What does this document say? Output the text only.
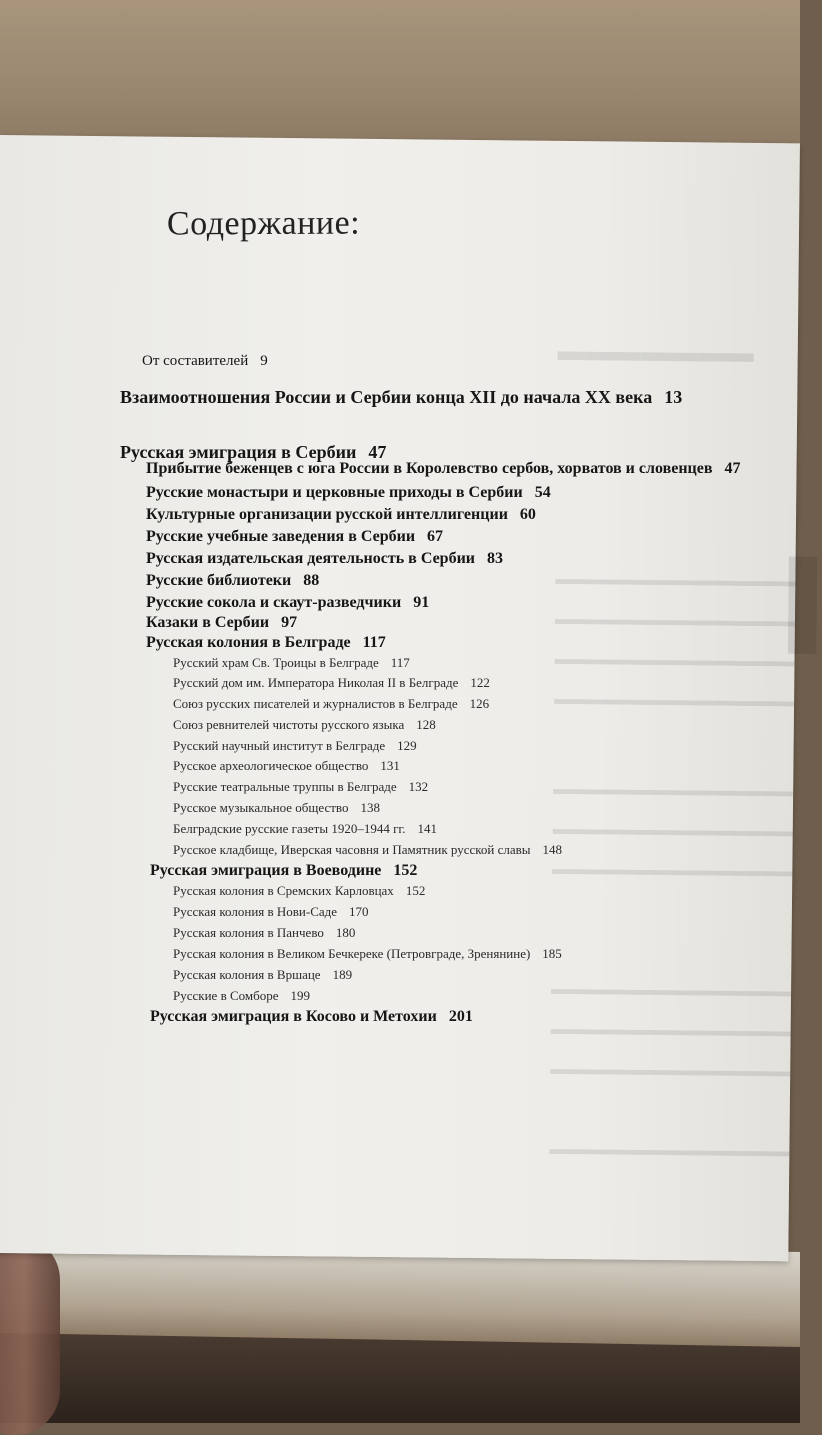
▬▬▬▬▬▬▬
▌
▬▬▬▬▬▬▬▬▬▬▬▬▬▬▬
▬▬▬▬▬▬▬▬▬▬▬▬▬▬▬
▬▬▬▬▬▬▬▬▬▬▬▬▬▬▬
▬▬▬▬▬▬▬▬▬▬▬▬▬▬▬
▬▬▬▬▬▬▬▬▬▬▬▬▬▬▬
▬▬▬▬▬▬▬▬▬▬▬▬▬▬▬
▬▬▬▬▬▬▬▬▬▬▬▬▬▬▬
▬▬▬▬▬▬▬▬▬▬▬▬▬▬▬
▬▬▬▬▬▬▬▬▬▬▬▬▬▬▬
▬▬▬▬▬▬▬▬▬▬▬▬▬▬▬
▬▬▬▬▬▬▬▬▬▬▬▬▬▬▬
Содержание:
От составителей 9
Взаимоотношения России и Сербии конца XII до начала XX века 13
Русская эмиграция в Сербии 47
Прибытие беженцев с юга России в Королевство сербов, хорватов и словенцев 47
Русские монастыри и церковные приходы в Сербии 54
Культурные организации русской интеллигенции 60
Русские учебные заведения в Сербии 67
Русская издательская деятельность в Сербии 83
Русские библиотеки 88
Русские сокола и скаут-разведчики 91
Казаки в Сербии 97
Русская колония в Белграде 117
Русский храм Св. Троицы в Белграде 117
Русский дом им. Императора Николая II в Белграде 122
Союз русских писателей и журналистов в Белграде 126
Союз ревнителей чистоты русского языка 128
Русский научный институт в Белграде 129
Русское археологическое общество 131
Русские театральные труппы в Белграде 132
Русское музыкальное общество 138
Белградские русские газеты 1920–1944 гг. 141
Русское кладбище, Иверская часовня и Памятник русской славы 148
Русская эмиграция в Воеводине 152
Русская колония в Сремских Карловцах 152
Русская колония в Нови-Саде 170
Русская колония в Панчево 180
Русская колония в Великом Бечкереке (Петровграде, Зренянине) 185
Русская колония в Вршаце 189
Русские в Сомборе 199
Русская эмиграция в Косово и Метохии 201
